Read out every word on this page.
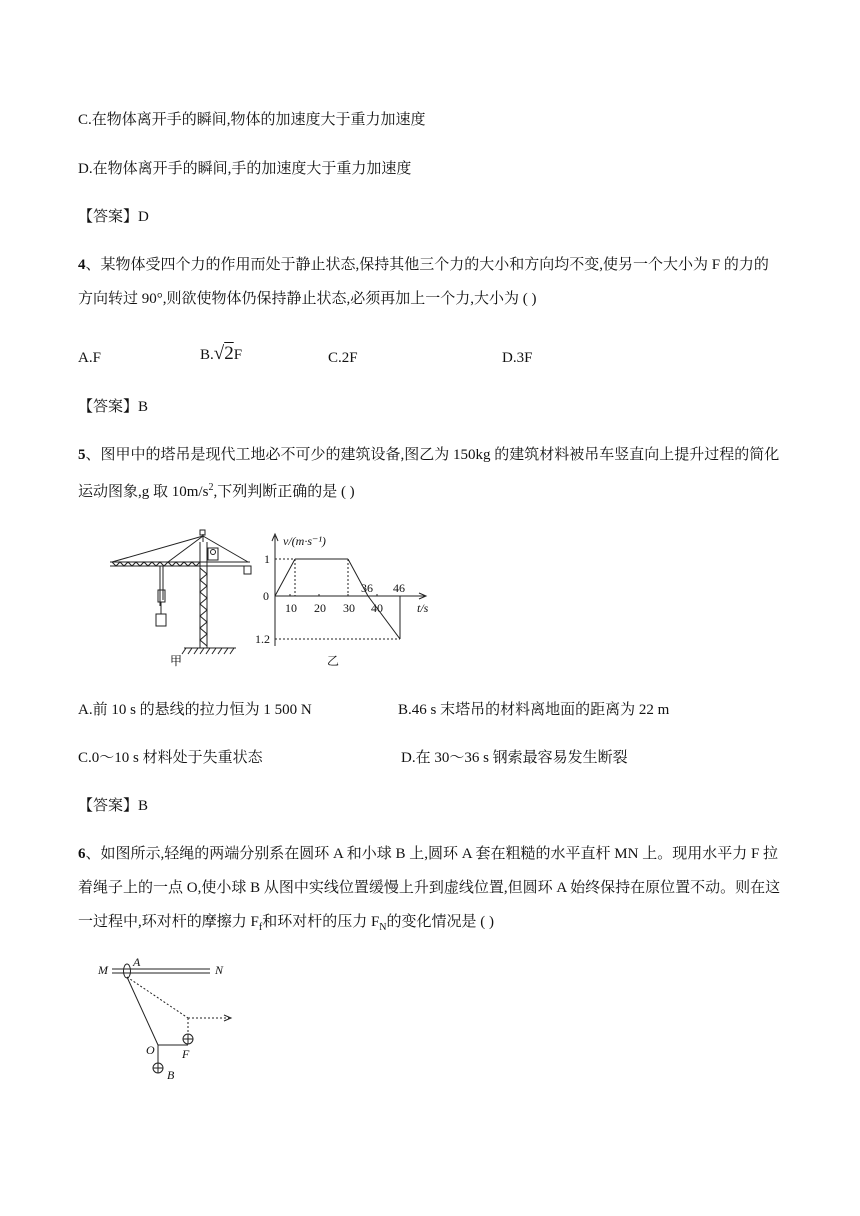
C.在物体离开手的瞬间,物体的加速度大于重力加速度
D.在物体离开手的瞬间,手的加速度大于重力加速度
【答案】D
4、某物体受四个力的作用而处于静止状态,保持其他三个力的大小和方向均不变,使另一个大小为 F 的力的
方向转过 90°,则欲使物体仍保持静止状态,必须再加上一个力,大小为 ( )
A.F	B.√2F	C.2F	D.3F
【答案】B
5、图甲中的塔吊是现代工地必不可少的建筑设备,图乙为 150kg 的建筑材料被吊车竖直向上提升过程的简化
运动图象,g 取 $10m/s^2$,下列判断正确的是 ( )
甲
v/(m·s⁻¹)
t/s
1
0
1.2
10 20 30 40
36 46
乙
A.前 10 s 的悬线的拉力恒为 1 500 N	B.46 s 末塔吊的材料离地面的距离为 22 m
C.0～10 s 材料处于失重状态	D.在 30～36 s 钢索最容易发生断裂
【答案】B
6、如图所示,轻绳的两端分别系在圆环 A 和小球 B 上,圆环 A 套在粗糙的水平直杆 MN 上。现用水平力 F 拉
着绳子上的一点 O,使小球 B 从图中实线位置缓慢上升到虚线位置,但圆环 A 始终保持在原位置不动。则在这
一过程中,环对杆的摩擦力 $F_f$和环对杆的压力 $F_N$的变化情况是 ( )
M
A
N
O F
B
